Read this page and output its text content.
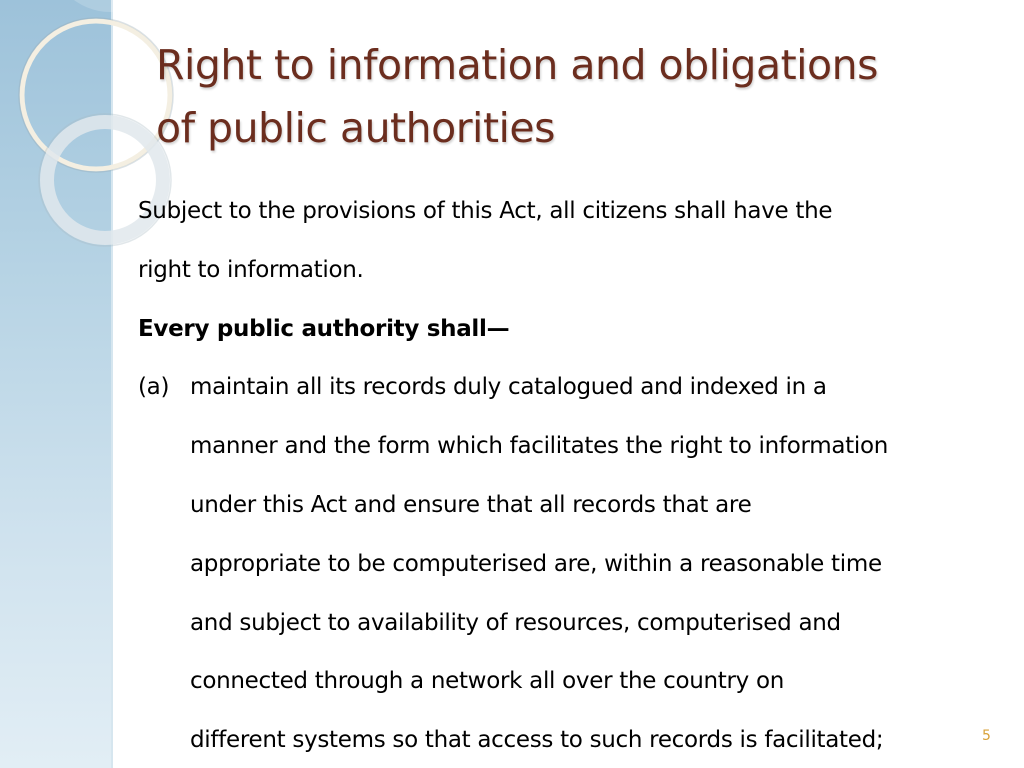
Right to information and obligations
of public authorities
Subject to the provisions of this Act, all citizens shall have the
right to information.
Every public authority shall—
(a) maintain all its records duly catalogued and indexed in a
manner and the form which facilitates the right to information
under this Act and ensure that all records that are
appropriate to be computerised are, within a reasonable time
and subject to availability of resources, computerised and
connected through a network all over the country on
different systems so that access to such records is facilitated;	5
